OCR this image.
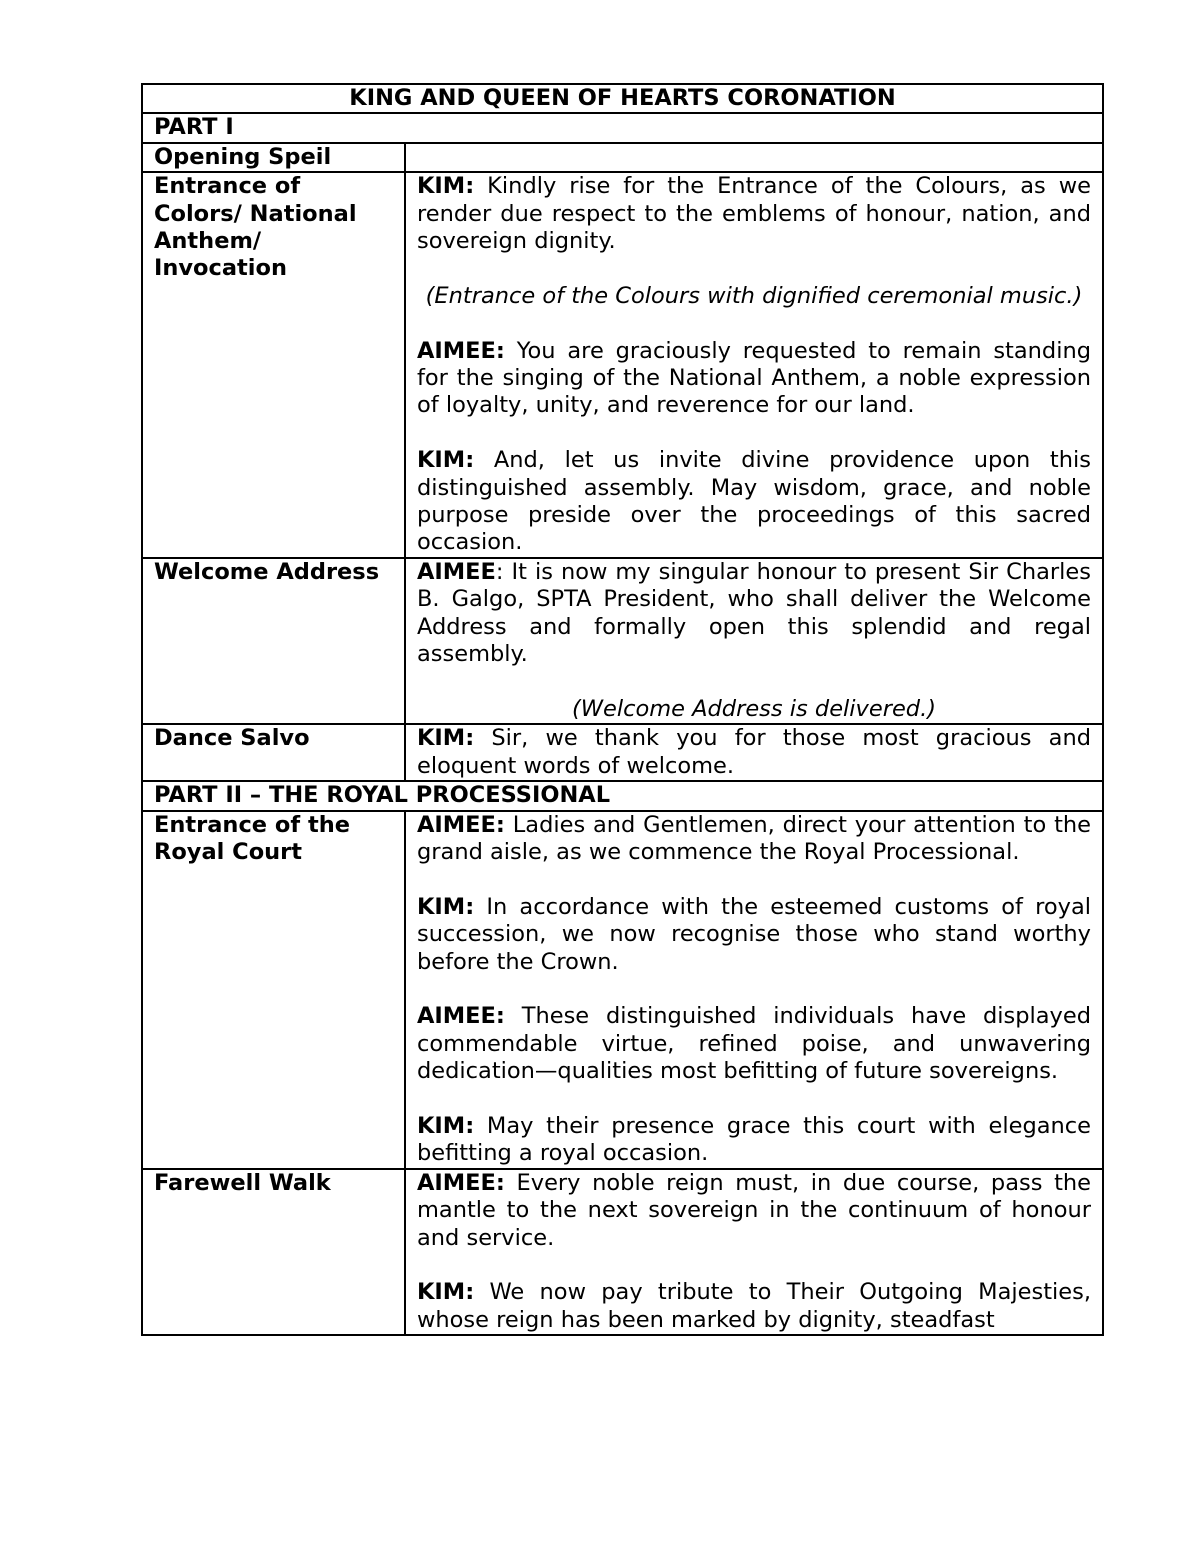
KING AND QUEEN OF HEARTS CORONATION	
PART I	
Opening Speil	
Entrance of Colors/ National Anthem/ Invocation	KIM: Kindly rise for the Entrance of the Colours, as we render due respect to the emblems of honour, nation, and sovereign dignity.

(Entrance of the Colours with dignified ceremonial music.)

AIMEE: You are graciously requested to remain standing for the singing of the National Anthem, a noble expression of loyalty, unity, and reverence for our land.

KIM: And, let us invite divine providence upon this distinguished assembly. May wisdom, grace, and noble purpose preside over the proceedings of this sacred occasion.

Welcome Address	AIMEE: It is now my singular honour to present Sir Charles B. Galgo, SPTA President, who shall deliver the Welcome Address and formally open this splendid and regal assembly.

(Welcome Address is delivered.)

Dance Salvo	KIM: Sir, we thank you for those most gracious and eloquent words of welcome.

PART II – THE ROYAL PROCESSIONAL	
Entrance of the Royal Court	AIMEE: Ladies and Gentlemen, direct your attention to the grand aisle, as we commence the Royal Processional.

KIM: In accordance with the esteemed customs of royal succession, we now recognise those who stand worthy before the Crown.

AIMEE: These distinguished individuals have displayed commendable virtue, refined poise, and unwavering dedication—qualities most befitting of future sovereigns.

KIM: May their presence grace this court with elegance befitting a royal occasion.

Farewell Walk	AIMEE: Every noble reign must, in due course, pass the mantle to the next sovereign in the continuum of honour and service.

KIM: We now pay tribute to Their Outgoing Majesties, whose reign has been marked by dignity, steadfast
